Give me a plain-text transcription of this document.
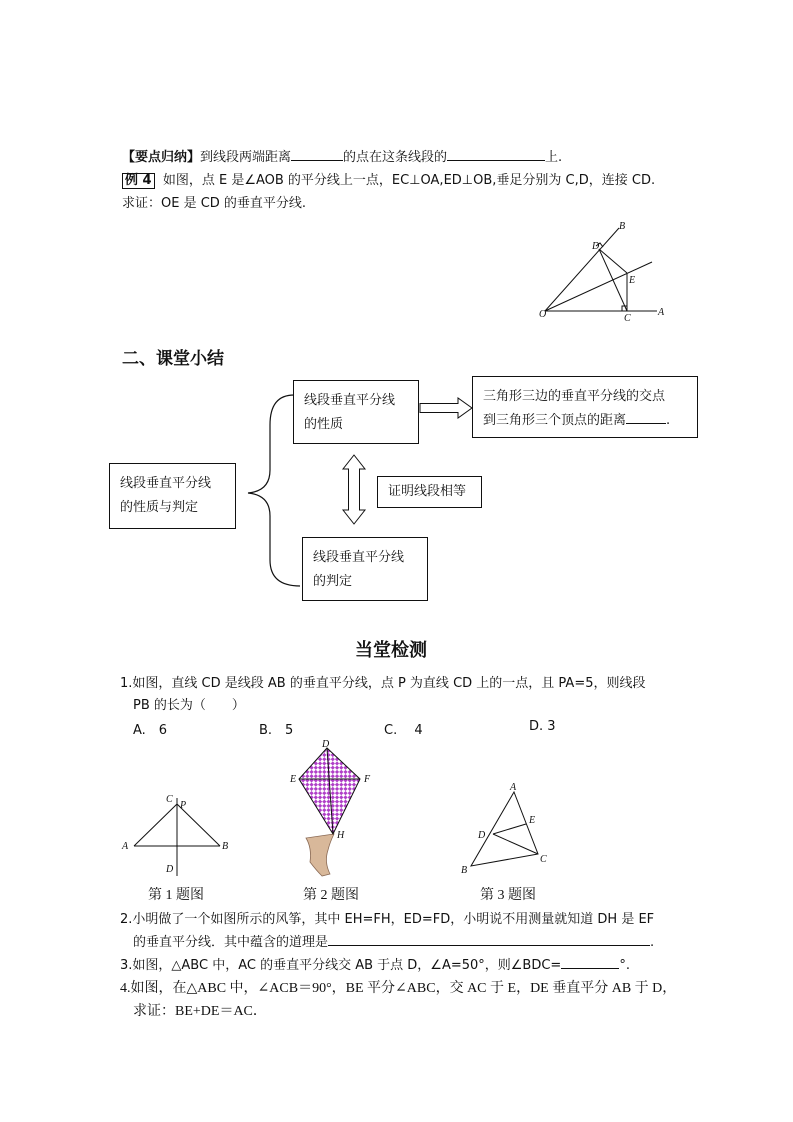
【要点归纳】到线段两端距离	的点在这条线段的	上.
例 4 如图，点 E 是∠AOB 的平分线上一点，EC⊥OA,ED⊥OB,垂足分别为 C,D，连接 CD.
求证：OE 是 CD 的垂直平分线.
B
D
E
O	C
A
二、课堂小结
线段垂直平分线
的性质与判定
线段垂直平分线
的性质
线段垂直平分线
的判定
三角形三边的垂直平分线的交点
到三角形三个顶点的距离	.
证明线段相等
当堂检测
1.如图，直线 CD 是线段 AB 的垂直平分线，点 P 为直线 CD 上的一点，且 PA=5，则线段
PB 的长为（　　）
A.　6	B.　5	C.　 4	D. 3
C
P
A	B
D
D
E	F
H
A
E
D
C
B
第 1 题图	第 2 题图	第 3 题图
2.小明做了一个如图所示的风筝，其中 EH=FH，ED=FD，小明说不用测量就知道 DH 是 EF
的垂直平分线．其中蕴含的道理是	.
3.如图，△ABC 中，AC 的垂直平分线交 AB 于点 D，∠A=50°，则∠BDC=	°.
4.如图，在△ABC 中，∠ACB＝90°，BE 平分∠ABC，交 AC 于 E，DE 垂直平分 AB 于 D，
求证：BE+DE＝AC．
